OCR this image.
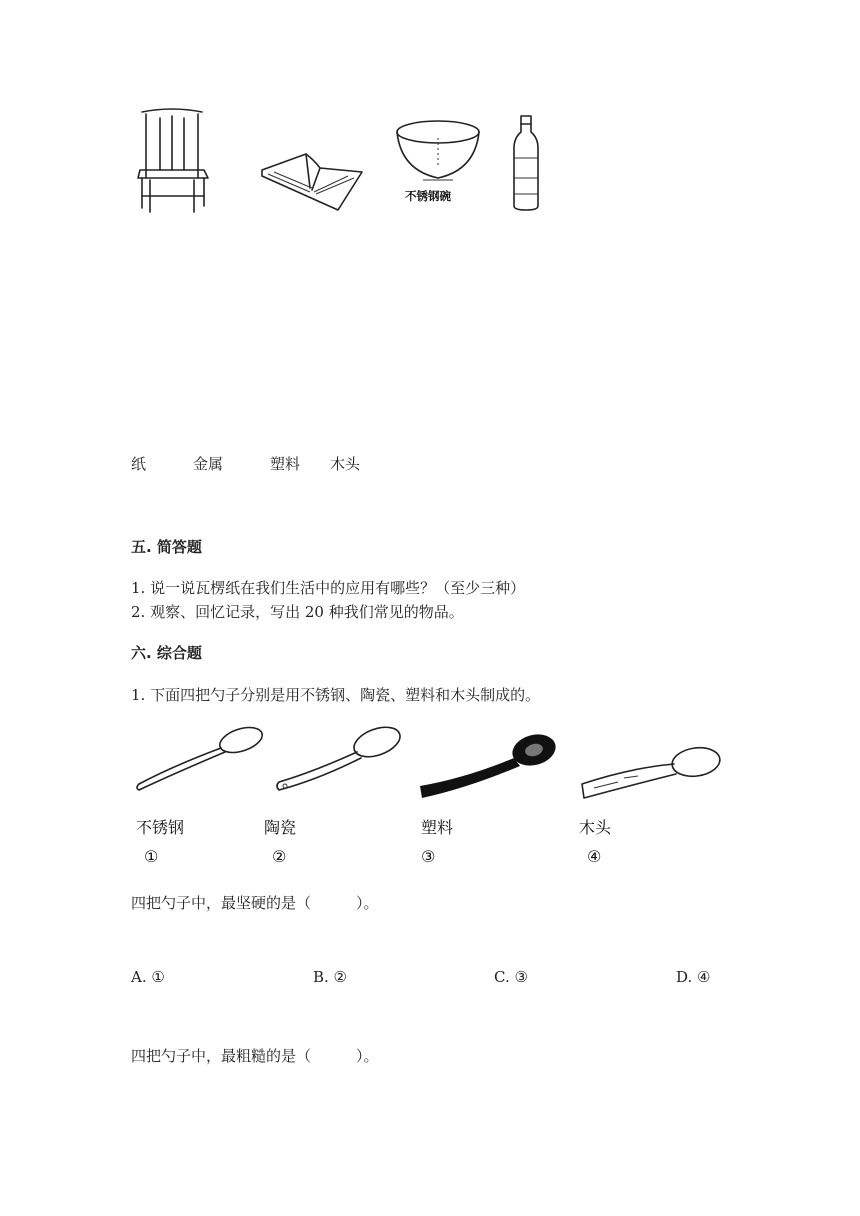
不锈钢碗
纸	金属	塑料 木头
五. 简答题
1. 说一说瓦楞纸在我们生活中的应用有哪些？（至少三种）
2. 观察、回忆记录，写出 20 种我们常见的物品。
六. 综合题
1. 下面四把勺子分别是用不锈钢、陶瓷、塑料和木头制成的。
不锈钢	陶瓷	塑料	木头
①	②	③	④
四把勺子中，最坚硬的是（　　　）。
A. ①	B. ②	C. ③	D. ④
四把勺子中，最粗糙的是（　　　）。
